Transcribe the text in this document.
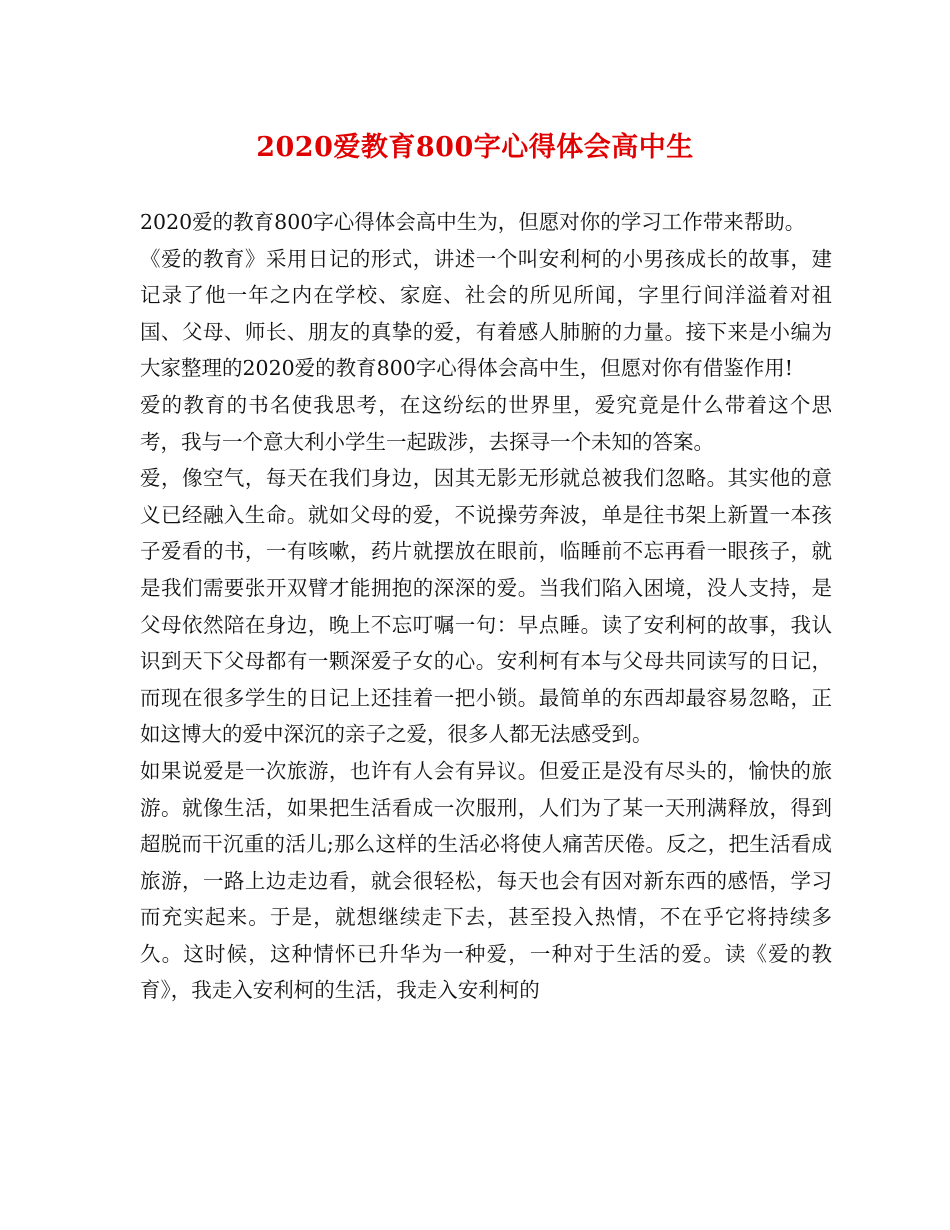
2020爱教育800字心得体会高中生

2020爱的教育800字心得体会高中生为，但愿对你的学习工作带来帮助。

《爱的教育》采用日记的形式，讲述一个叫安利柯的小男孩成长的故事，建记录了他一年之内在学校、家庭、社会的所见所闻，字里行间洋溢着对祖国、父母、师长、朋友的真挚的爱，有着感人肺腑的力量。接下来是小编为大家整理的2020爱的教育800字心得体会高中生，但愿对你有借鉴作用!

爱的教育的书名使我思考，在这纷纭的世界里，爱究竟是什么带着这个思考，我与一个意大利小学生一起跋涉，去探寻一个未知的答案。

爱，像空气，每天在我们身边，因其无影无形就总被我们忽略。其实他的意义已经融入生命。就如父母的爱，不说操劳奔波，单是往书架上新置一本孩子爱看的书，一有咳嗽，药片就摆放在眼前，临睡前不忘再看一眼孩子，就是我们需要张开双臂才能拥抱的深深的爱。当我们陷入困境，没人支持，是父母依然陪在身边，晚上不忘叮嘱一句：早点睡。读了安利柯的故事，我认识到天下父母都有一颗深爱子女的心。安利柯有本与父母共同读写的日记，而现在很多学生的日记上还挂着一把小锁。最简单的东西却最容易忽略，正如这博大的爱中深沉的亲子之爱，很多人都无法感受到。

如果说爱是一次旅游，也许有人会有异议。但爱正是没有尽头的，愉快的旅游。就像生活，如果把生活看成一次服刑，人们为了某一天刑满释放，得到超脱而干沉重的活儿;那么这样的生活必将使人痛苦厌倦。反之，把生活看成旅游，一路上边走边看，就会很轻松，每天也会有因对新东西的感悟，学习而充实起来。于是，就想继续走下去，甚至投入热情，不在乎它将持续多久。这时候，这种情怀已升华为一种爱，一种对于生活的爱。读《爱的教育》，我走入安利柯的生活，我走入安利柯的
